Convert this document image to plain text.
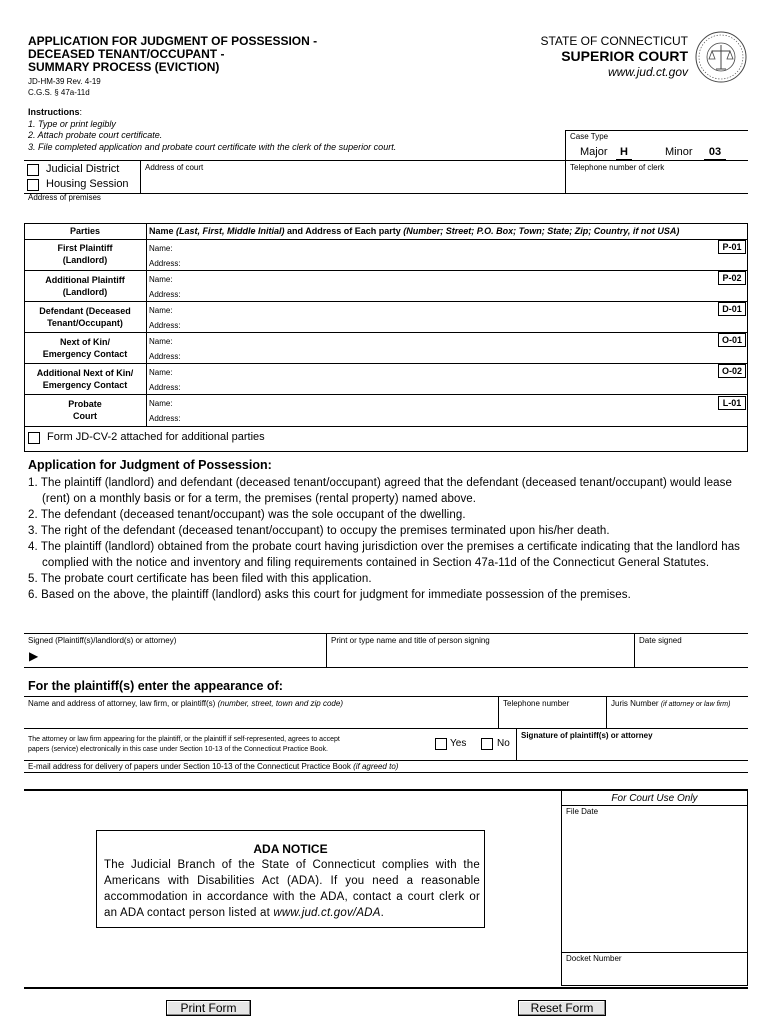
APPLICATION FOR JUDGMENT OF POSSESSION -
DECEASED TENANT/OCCUPANT -
SUMMARY PROCESS (EVICTION)
JD-HM-39 Rev. 4-19
C.G.S. § 47a-11d
STATE OF CONNECTICUT
SUPERIOR COURT
www.jud.ct.gov
Instructions:
1. Type or print legibly
2. Attach probate court certificate.
3. File completed application and probate court certificate with the clerk of the superior court.
Case Type
Major	H	Minor	03
Judicial District
Housing Session
Address of court	Telephone number of clerk
Address of premises
Parties	Name (Last, First, Middle Initial) and Address of Each party (Number; Street; P.O. Box; Town; State; Zip; Country, if not USA)
First Plaintiff
(Landlord)
Name:
Address:
P-01
Additional Plaintiff
(Landlord)
Name:
Address:
P-02
Defendant (Deceased
Tenant/Occupant)
Name:
Address:
D-01
Next of Kin/
Emergency Contact
Name:
Address:
O-01
Additional Next of Kin/
Emergency Contact
Name:
Address:
O-02
Probate
Court
Name:
Address:
L-01
Form JD-CV-2 attached for additional parties
Application for Judgment of Possession:
1. The plaintiff (landlord) and defendant (deceased tenant/occupant) agreed that the defendant (deceased tenant/occupant) would lease (rent) on a monthly basis or for a term, the premises (rental property) named above.
2. The defendant (deceased tenant/occupant) was the sole occupant of the dwelling.
3. The right of the defendant (deceased tenant/occupant) to occupy the premises terminated upon his/her death.
4. The plaintiff (landlord) obtained from the probate court having jurisdiction over the premises a certificate indicating that the landlord has complied with the notice and inventory and filing requirements contained in Section 47a-11d of the Connecticut General Statutes.
5. The probate court certificate has been filed with this application.
6. Based on the above, the plaintiff (landlord) asks this court for judgment for immediate possession of the premises.
Signed (Plaintiff(s)/landlord(s) or attorney)
▶
Print or type name and title of person signing	Date signed
For the plaintiff(s) enter the appearance of:
Name and address of attorney, law firm, or plaintiff(s) (number, street, town and zip code)	Telephone number	Juris Number (if attorney or law firm)
The attorney or law firm appearing for the plaintiff, or the plaintiff if self-represented, agrees to accept
papers (service) electronically in this case under Section 10-13 of the Connecticut Practice Book.	Yes	No
Signature of plaintiff(s) or attorney
E-mail address for delivery of papers under Section 10-13 of the Connecticut Practice Book (if agreed to)
For Court Use Only
File Date
Docket Number
ADA NOTICE
The Judicial Branch of the State of Connecticut complies with the Americans with Disabilities Act (ADA). If you need a reasonable accommodation in accordance with the ADA, contact a court clerk or an ADA contact person listed at www.jud.ct.gov/ADA.
Print Form	Reset Form
